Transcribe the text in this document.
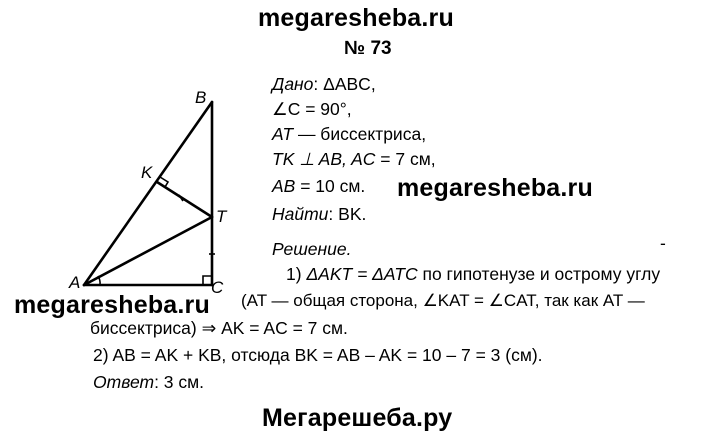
megaresheba.ru
№ 73
B
K
T
A	C
Дано: ΔABC,
∠C = 90°,
AT — биссектриса,
TK ⊥ AB, AC = 7 см,
AB = 10 см. megaresheba.ru
Найти: BK.
Решение.	-
1) ΔAKT = ΔATC по гипотенузе и острому углу
megaresheba.ru (AT — общая сторона, ∠KAT = ∠CAT, так как AT —
биссектриса) ⇒ AK = AC = 7 см.
2) AB = AK + KB, отсюда BK = AB – AK = 10 – 7 = 3 (см).
Ответ: 3 см.
Мегарешеба.ру
